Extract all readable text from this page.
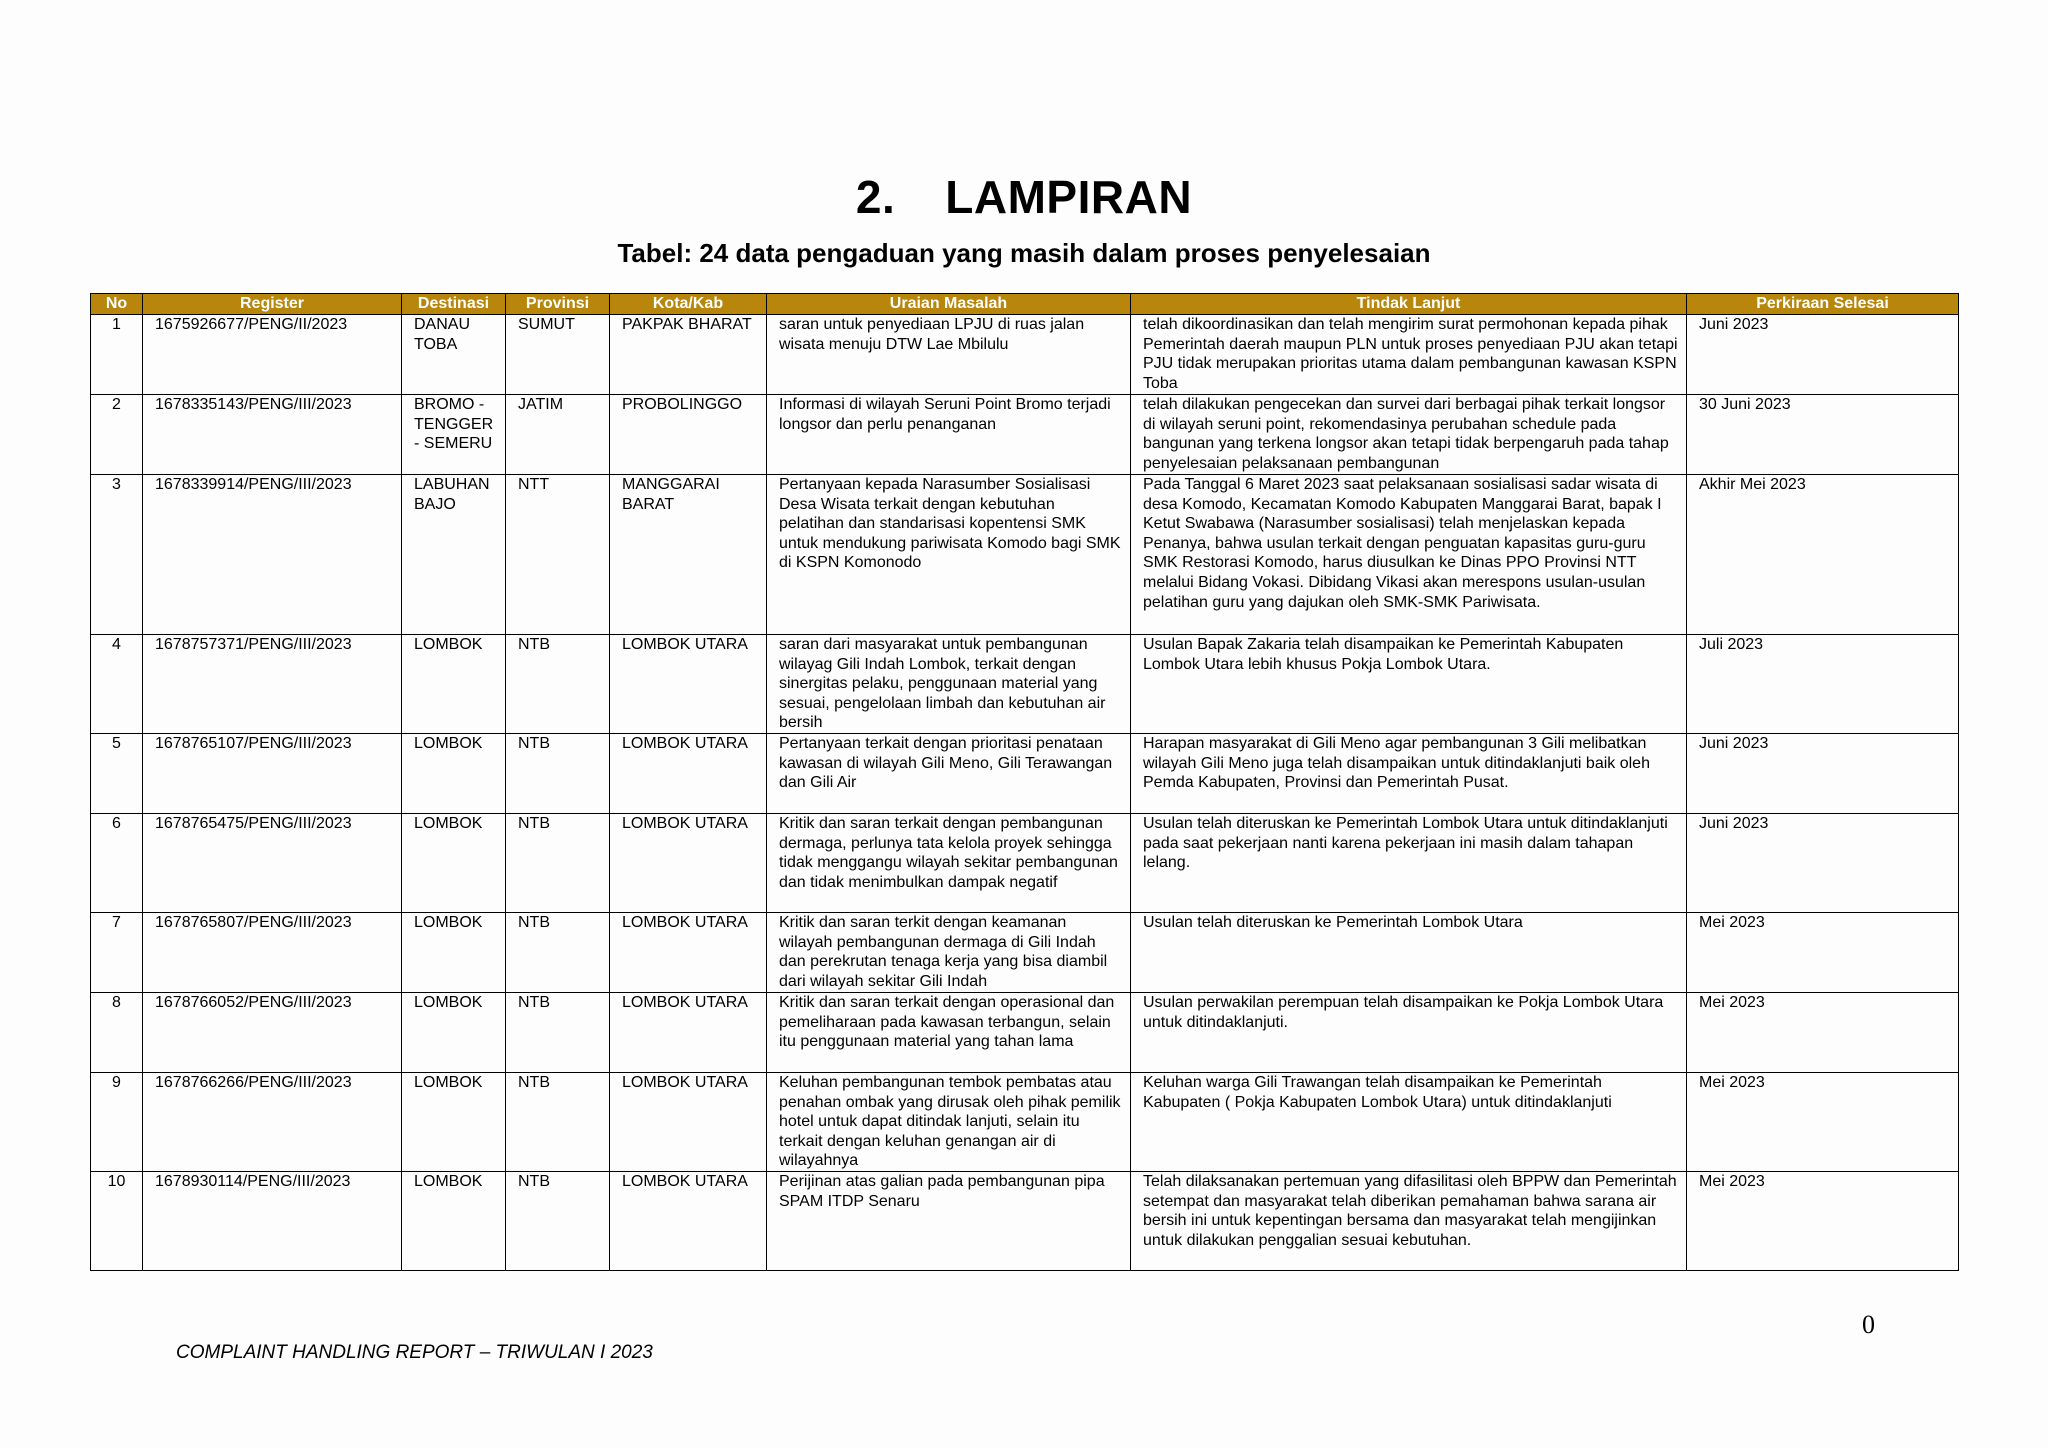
2. LAMPIRAN
Tabel: 24 data pengaduan yang masih dalam proses penyelesaian
No	Register	Destinasi	Provinsi	Kota/Kab	Uraian Masalah	Tindak Lanjut	Perkiraan Selesai
1	1675926677/PENG/II/2023	DANAU TOBA	SUMUT	PAKPAK BHARAT	saran untuk penyediaan LPJU di ruas jalan wisata menuju DTW Lae Mbilulu	telah dikoordinasikan dan telah mengirim surat permohonan kepada pihak Pemerintah daerah maupun PLN untuk proses penyediaan PJU akan tetapi PJU tidak merupakan prioritas utama dalam pembangunan kawasan KSPN Toba	Juni 2023
2	1678335143/PENG/III/2023	BROMO - TENGGER - SEMERU	JATIM	PROBOLINGGO	Informasi di wilayah Seruni Point Bromo terjadi longsor dan perlu penanganan	telah dilakukan pengecekan dan survei dari berbagai pihak terkait longsor di wilayah seruni point, rekomendasinya perubahan schedule pada bangunan yang terkena longsor akan tetapi tidak berpengaruh pada tahap penyelesaian pelaksanaan pembangunan	30 Juni 2023
3	1678339914/PENG/III/2023	LABUHAN BAJO	NTT	MANGGARAI BARAT	Pertanyaan kepada Narasumber Sosialisasi Desa Wisata terkait dengan kebutuhan pelatihan dan standarisasi kopentensi SMK untuk mendukung pariwisata Komodo bagi SMK di KSPN Komonodo	Pada Tanggal 6 Maret 2023 saat pelaksanaan sosialisasi sadar wisata di desa Komodo, Kecamatan Komodo Kabupaten Manggarai Barat, bapak I Ketut Swabawa (Narasumber sosialisasi) telah menjelaskan kepada Penanya, bahwa usulan terkait dengan penguatan kapasitas guru-guru SMK Restorasi Komodo, harus diusulkan ke Dinas PPO Provinsi NTT melalui Bidang Vokasi. Dibidang Vikasi akan merespons usulan-usulan pelatihan guru yang dajukan oleh SMK-SMK Pariwisata.	Akhir Mei 2023
4	1678757371/PENG/III/2023	LOMBOK	NTB	LOMBOK UTARA	saran dari masyarakat untuk pembangunan wilayag Gili Indah Lombok, terkait dengan sinergitas pelaku, penggunaan material yang sesuai, pengelolaan limbah dan kebutuhan air bersih	Usulan Bapak Zakaria telah disampaikan ke Pemerintah Kabupaten Lombok Utara lebih khusus Pokja Lombok Utara.	Juli 2023
5	1678765107/PENG/III/2023	LOMBOK	NTB	LOMBOK UTARA	Pertanyaan terkait dengan prioritasi penataan kawasan di wilayah Gili Meno, Gili Terawangan dan Gili Air	Harapan masyarakat di Gili Meno agar pembangunan 3 Gili melibatkan wilayah Gili Meno juga telah disampaikan untuk ditindaklanjuti baik oleh Pemda Kabupaten, Provinsi dan Pemerintah Pusat.	Juni 2023
6	1678765475/PENG/III/2023	LOMBOK	NTB	LOMBOK UTARA	Kritik dan saran terkait dengan pembangunan dermaga, perlunya tata kelola proyek sehingga tidak menggangu wilayah sekitar pembangunan dan tidak menimbulkan dampak negatif	Usulan telah diteruskan ke Pemerintah Lombok Utara untuk ditindaklanjuti pada saat pekerjaan nanti karena pekerjaan ini masih dalam tahapan lelang.	Juni 2023
7	1678765807/PENG/III/2023	LOMBOK	NTB	LOMBOK UTARA	Kritik dan saran terkit dengan keamanan wilayah pembangunan dermaga di Gili Indah dan perekrutan tenaga kerja yang bisa diambil dari wilayah sekitar Gili Indah	Usulan telah diteruskan ke Pemerintah Lombok Utara	Mei 2023
8	1678766052/PENG/III/2023	LOMBOK	NTB	LOMBOK UTARA	Kritik dan saran terkait dengan operasional dan pemeliharaan pada kawasan terbangun, selain itu penggunaan material yang tahan lama	Usulan perwakilan perempuan telah disampaikan ke Pokja Lombok Utara untuk ditindaklanjuti.	Mei 2023
9	1678766266/PENG/III/2023	LOMBOK	NTB	LOMBOK UTARA	Keluhan pembangunan tembok pembatas atau penahan ombak yang dirusak oleh pihak pemilik hotel untuk dapat ditindak lanjuti, selain itu terkait dengan keluhan genangan air di wilayahnya	Keluhan warga Gili Trawangan telah disampaikan ke Pemerintah Kabupaten ( Pokja Kabupaten Lombok Utara) untuk ditindaklanjuti	Mei 2023
10	1678930114/PENG/III/2023	LOMBOK	NTB	LOMBOK UTARA	Perijinan atas galian pada pembangunan pipa SPAM ITDP Senaru	Telah dilaksanakan pertemuan yang difasilitasi oleh BPPW dan Pemerintah setempat dan masyarakat telah diberikan pemahaman bahwa sarana air bersih ini untuk kepentingan bersama dan masyarakat telah mengijinkan untuk dilakukan penggalian sesuai kebutuhan.	Mei 2023
0
COMPLAINT HANDLING REPORT – TRIWULAN I 2023
